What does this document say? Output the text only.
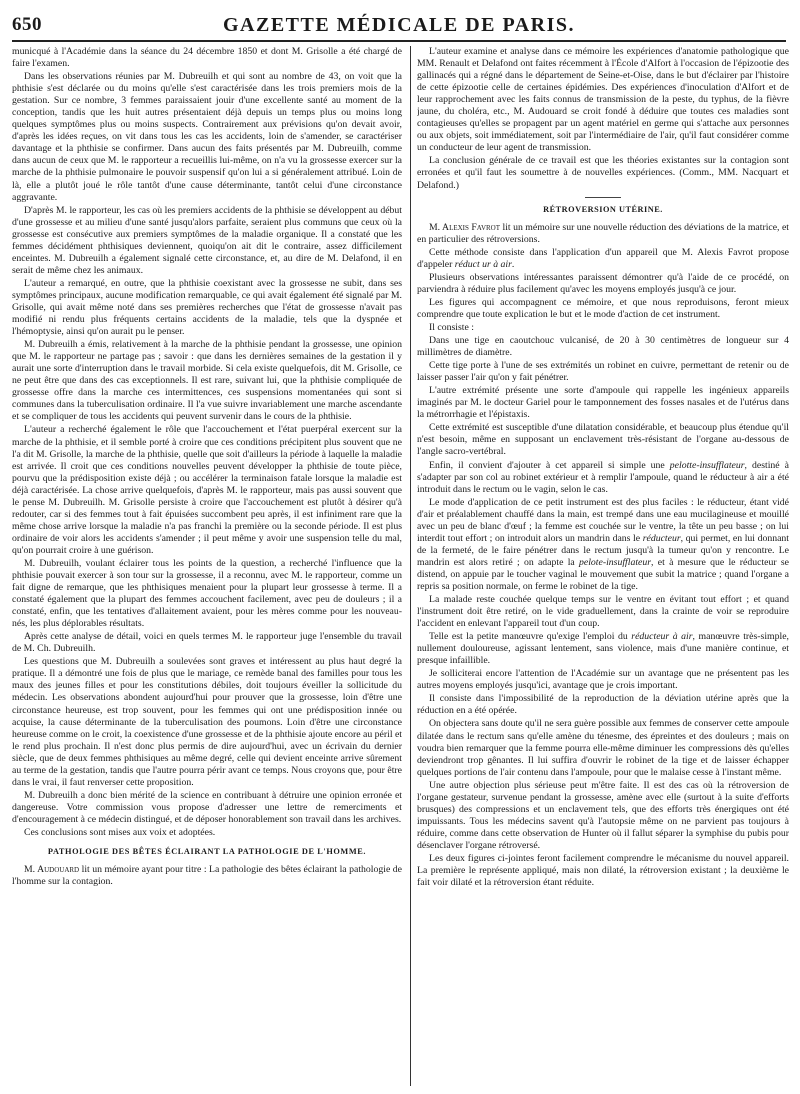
650	GAZETTE MÉDICALE DE PARIS.

municqué à l'Académie dans la séance du 24 décembre 1850 et dont M. Grisolle a été chargé de faire l'examen.

Dans les observations réunies par M. Dubreuilh et qui sont au nombre de 43, on voit que la phthisie s'est déclarée ou du moins qu'elle s'est caractérisée dans les trois premiers mois de la gestation. Sur ce nombre, 3 femmes paraissaient jouir d'une excellente santé au moment de la conception, tandis que les huit autres présentaient déjà depuis un temps plus ou moins long quelques symptômes plus ou moins suspects. Contrairement aux prévisions qu'on devait avoir, d'après les idées reçues, on vit dans tous les cas les accidents, loin de s'amender, se caractériser davantage et la phthisie se confirmer. Dans aucun des faits présentés par M. Dubreuilh, comme dans aucun de ceux que M. le rapporteur a recueillis lui-même, on n'a vu la grossesse exercer sur la marche de la phthisie pulmonaire le pouvoir suspensif qu'on lui a si généralement attribué. Loin de là, elle a plutôt joué le rôle tantôt d'une cause déterminante, tantôt celui d'une circonstance aggravante.

D'après M. le rapporteur, les cas où les premiers accidents de la phthisie se développent au début d'une grossesse et au milieu d'une santé jusqu'alors parfaite, seraient plus communs que ceux où la grossesse est consécutive aux premiers symptômes de la maladie organique. Il a constaté que les femmes décidément phthisiques deviennent, quoiqu'on ait dit le contraire, assez difficilement enceintes. M. Dubreuilh a également signalé cette circonstance, et, au dire de M. Delafond, il en serait de même chez les animaux.

L'auteur a remarqué, en outre, que la phthisie coexistant avec la grossesse ne subit, dans ses symptômes principaux, aucune modification remarquable, ce qui avait également été signalé par M. Grisolle, qui avait même noté dans ses premières recherches que l'état de grossesse n'avait pas modifié ni rendu plus fréquents certains accidents de la maladie, tels que la dyspnée et l'hémoptysie, ainsi qu'on aurait pu le penser.

M. Dubreuilh a émis, relativement à la marche de la phthisie pendant la grossesse, une opinion que M. le rapporteur ne partage pas ; savoir : que dans les dernières semaines de la gestation il y aurait une sorte d'interruption dans le travail morbide. Si cela existe quelquefois, dit M. Grisolle, ce ne peut être que dans des cas exceptionnels. Il est rare, suivant lui, que la phthisie compliquée de grossesse offre dans la marche ces intermittences, ces suspensions momentanées qui sont si communes dans la tuberculisation ordinaire. Il l'a vue suivre invariablement une marche ascendante et se compliquer de tous les accidents qui peuvent survenir dans le cours de la phthisie.

L'auteur a recherché également le rôle que l'accouchement et l'état puerpéral exercent sur la marche de la phthisie, et il semble porté à croire que ces conditions précipitent plus souvent que ne l'a dit M. Grisolle, la marche de la phthisie, quelle que soit d'ailleurs la période à laquelle la maladie est arrivée. Il croit que ces conditions nouvelles peuvent développer la phthisie de toute pièce, pourvu que la prédisposition existe déjà ; ou accélérer la terminaison fatale lorsque la maladie est déjà caractérisée. La chose arrive quelquefois, d'après M. le rapporteur, mais pas aussi souvent que le pense M. Dubreuilh. M. Grisolle persiste à croire que l'accouchement est plutôt à désirer qu'à redouter, car si des femmes tout à fait épuisées succombent peu après, il est infiniment rare que la même chose arrive lorsque la maladie n'a pas franchi la première ou la seconde période. Il est plus ordinaire de voir alors les accidents s'amender ; il peut même y avoir une suspension telle du mal, qu'on pourrait croire à une guérison.

M. Dubreuilh, voulant éclairer tous les points de la question, a recherché l'influence que la phthisie pouvait exercer à son tour sur la grossesse, il a reconnu, avec M. le rapporteur, comme un fait digne de remarque, que les phthisiques menaient pour la plupart leur grossesse à terme. Il a constaté également que la plupart des femmes accouchent facilement, avec peu de douleurs ; il a constaté, enfin, que les tentatives d'allaitement avaient, pour les mères comme pour les nouveau-nés, les plus déplorables résultats.

Après cette analyse de détail, voici en quels termes M. le rapporteur juge l'ensemble du travail de M. Ch. Dubreuilh.

Les questions que M. Dubreuilh a soulevées sont graves et intéressent au plus haut degré la pratique. Il a démontré une fois de plus que le mariage, ce remède banal des familles pour tous les maux des jeunes filles et pour les constitutions débiles, doit toujours éveiller la sollicitude du médecin. Les observations abondent aujourd'hui pour prouver que la grossesse, loin d'être une circonstance heureuse, est trop souvent, pour les femmes qui ont une prédisposition innée ou acquise, la cause déterminante de la tuberculisation des poumons. Loin d'être une circonstance heureuse comme on le croit, la coexistence d'une grossesse et de la phthisie ajoute encore au péril et le rend plus prochain. Il n'est donc plus permis de dire aujourd'hui, avec un écrivain du dernier siècle, que de deux femmes phthisiques au même degré, celle qui devient enceinte arrive sûrement au terme de la gestation, tandis que l'autre pourra périr avant ce temps. Nous croyons que, pour être dans le vrai, il faut renverser cette proposition.

M. Dubreuilh a donc bien mérité de la science en contribuant à détruire une opinion erronée et dangereuse. Votre commission vous propose d'adresser une lettre de remerciments et d'encouragement à ce médecin distingué, et de déposer honorablement son travail dans les archives.

Ces conclusions sont mises aux voix et adoptées.

PATHOLOGIE DES BÊTES ÉCLAIRANT LA PATHOLOGIE DE L'HOMME.

M. Audouard lit un mémoire ayant pour titre : La pathologie des bêtes éclairant la pathologie de l'homme sur la contagion.

L'auteur examine et analyse dans ce mémoire les expériences d'anatomie pathologique que MM. Renault et Delafond ont faites récemment à l'École d'Alfort à l'occasion de l'épizootie des gallinacés qui a régné dans le département de Seine-et-Oise, dans le but d'éclairer par l'histoire de cette épizootie celle de certaines épidémies. Des expériences d'inoculation d'Alfort et de leur rapprochement avec les faits connus de transmission de la peste, du typhus, de la fièvre jaune, du choléra, etc., M. Audouard se croit fondé à déduire que toutes ces maladies sont contagieuses qu'elles se propagent par un agent matériel en germe qui s'attache aux personnes ou aux objets, soit immédiatement, soit par l'intermédiaire de l'air, qu'il faut considérer comme un conducteur de leur agent de transmission.

La conclusion générale de ce travail est que les théories existantes sur la contagion sont erronées et qu'il faut les soumettre à de nouvelles expériences. (Comm., MM. Nacquart et Delafond.)

RÉTROVERSION UTÉRINE.

M. Alexis Favrot lit un mémoire sur une nouvelle réduction des déviations de la matrice, et en particulier des rétroversions.

Cette méthode consiste dans l'application d'un appareil que M. Alexis Favrot propose d'appeler réduct ur à air.

Plusieurs observations intéressantes paraissent démontrer qu'à l'aide de ce procédé, on parviendra à réduire plus facilement qu'avec les moyens employés jusqu'à ce jour.

Les figures qui accompagnent ce mémoire, et que nous reproduisons, feront mieux comprendre que toute explication le but et le mode d'action de cet instrument.

Il consiste :

Dans une tige en caoutchouc vulcanisé, de 20 à 30 centimètres de longueur sur 4 millimètres de diamètre.

Cette tige porte à l'une de ses extrémités un robinet en cuivre, permettant de retenir ou de laisser passer l'air qu'on y fait pénétrer.

L'autre extrémité présente une sorte d'ampoule qui rappelle les ingénieux appareils imaginés par M. le docteur Gariel pour le tamponnement des fosses nasales et de l'utérus dans la métrorrhagie et l'épistaxis.

Cette extrémité est susceptible d'une dilatation considérable, et beaucoup plus étendue qu'il n'est besoin, même en supposant un enclavement très-résistant de l'organe au-dessous de l'angle sacro-vertébral.

Enfin, il convient d'ajouter à cet appareil si simple une pelotte-insufflateur, destiné à s'adapter par son col au robinet extérieur et à remplir l'ampoule, quand le réducteur à air a été introduit dans le rectum ou le vagin, selon le cas.

Le mode d'application de ce petit instrument est des plus faciles : le réducteur, étant vidé d'air et préalablement chauffé dans la main, est trempé dans une eau mucilagineuse et mouillé avec un peu de blanc d'œuf ; la femme est couchée sur le ventre, la tête un peu basse ; on lui interdit tout effort ; on introduit alors un mandrin dans le réducteur, qui permet, en lui donnant de la fermeté, de le faire pénétrer dans le rectum jusqu'à la tumeur qu'on y rencontre. Le mandrin est alors retiré ; on adapte la pelote-insufflateur, et à mesure que le réducteur se distend, on appuie par le toucher vaginal le mouvement que subit la matrice ; quand l'organe a repris sa position normale, on ferme le robinet de la tige.

La malade reste couchée quelque temps sur le ventre en évitant tout effort ; et quand l'instrument doit être retiré, on le vide graduellement, dans la crainte de voir se reproduire l'accident en enlevant l'appareil tout d'un coup.

Telle est la petite manœuvre qu'exige l'emploi du réducteur à air, manœuvre très-simple, nullement douloureuse, agissant lentement, sans violence, mais d'une manière continue, et presque infaillible.

Je solliciterai encore l'attention de l'Académie sur un avantage que ne présentent pas les autres moyens employés jusqu'ici, avantage que je crois important.

Il consiste dans l'impossibilité de la reproduction de la déviation utérine après que la réduction en a été opérée.

On objectera sans doute qu'il ne sera guère possible aux femmes de conserver cette ampoule dilatée dans le rectum sans qu'elle amène du ténesme, des épreintes et des douleurs ; mais on voudra bien remarquer que la femme pourra elle-même diminuer les compressions dès qu'elles deviendront trop gênantes. Il lui suffira d'ouvrir le robinet de la tige et de laisser échapper quelques portions de l'air contenu dans l'ampoule, pour que le malaise cesse à l'instant même.

Une autre objection plus sérieuse peut m'être faite. Il est des cas où la rétroversion de l'organe gestateur, survenue pendant la grossesse, amène avec elle (surtout à la suite d'efforts brusques) des compressions et un enclavement tels, que des efforts très énergiques ont été impuissants. Tous les médecins savent qu'à l'autopsie même on ne parvient pas toujours à réduire, comme dans cette observation de Hunter où il fallut séparer la symphise du pubis pour désenclaver l'organe rétroversé.

Les deux figures ci-jointes feront facilement comprendre le mécanisme du nouvel appareil. La première le représente appliqué, mais non dilaté, la rétroversion existant ; la deuxième le fait voir dilaté et la rétroversion étant réduite.
